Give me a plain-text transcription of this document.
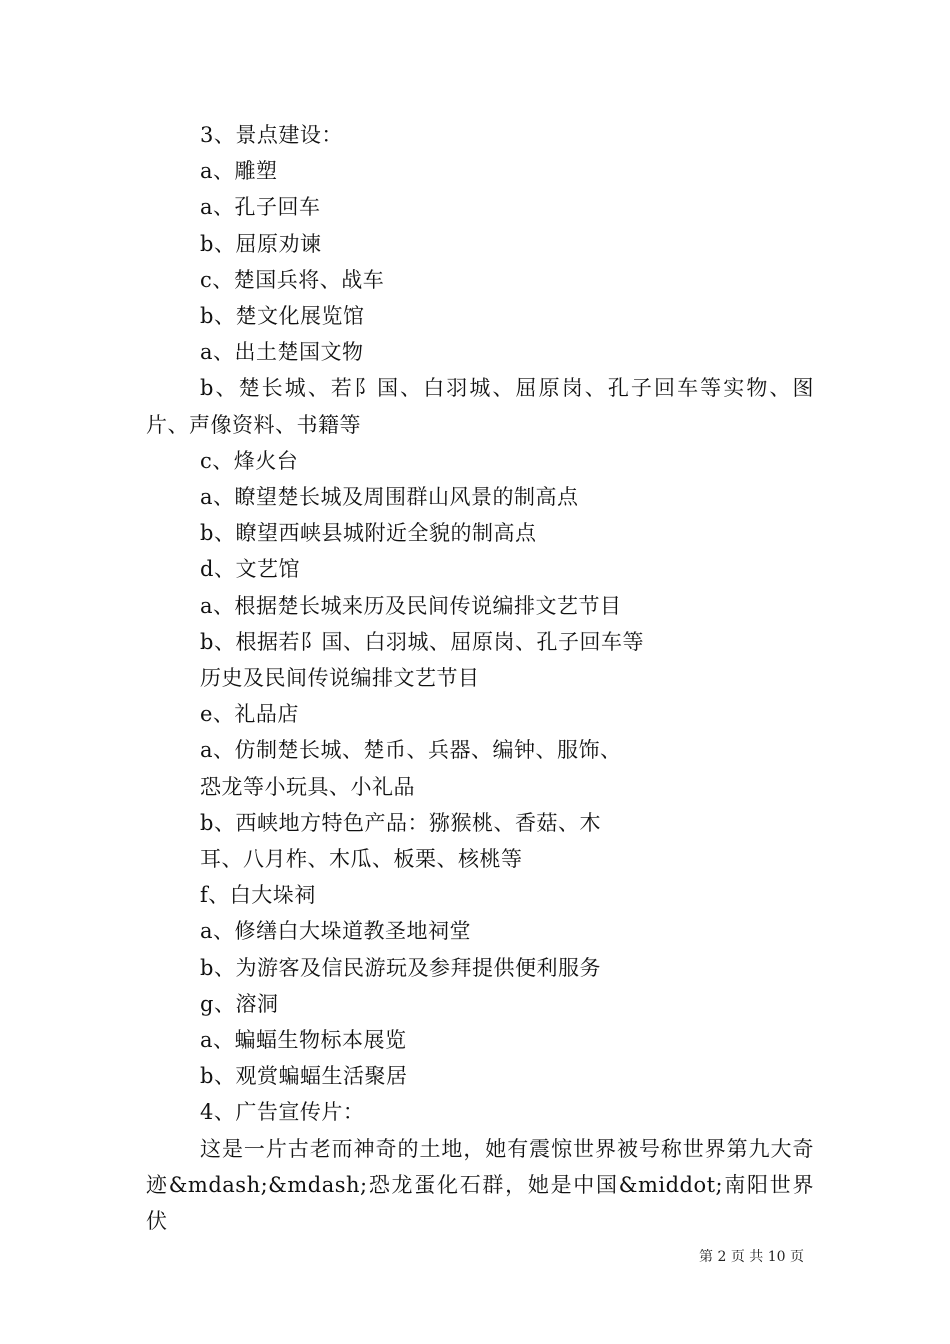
3、景点建设：

a、雕塑

a、孔子回车

b、屈原劝谏

c、楚国兵将、战车

b、楚文化展览馆

a、出土楚国文物

b、楚长城、若阝国、白羽城、屈原岗、孔子回车等实物、图片、声像资料、书籍等

c、烽火台

a、瞭望楚长城及周围群山风景的制高点

b、瞭望西峡县城附近全貌的制高点

d、文艺馆

a、根据楚长城来历及民间传说编排文艺节目

b、根据若阝国、白羽城、屈原岗、孔子回车等

历史及民间传说编排文艺节目

e、礼品店

a、仿制楚长城、楚币、兵器、编钟、服饰、

恐龙等小玩具、小礼品

b、西峡地方特色产品：猕猴桃、香菇、木

耳、八月柞、木瓜、板栗、核桃等

f、白大垛祠

a、修缮白大垛道教圣地祠堂

b、为游客及信民游玩及参拜提供便利服务

g、溶洞

a、蝙蝠生物标本展览

b、观赏蝙蝠生活聚居

4、广告宣传片：

这是一片古老而神奇的土地，她有震惊世界被号称世界第九大奇迹&mdash;&mdash;恐龙蛋化石群，她是中国&middot;南阳世界伏

第 2 页 共 10 页
